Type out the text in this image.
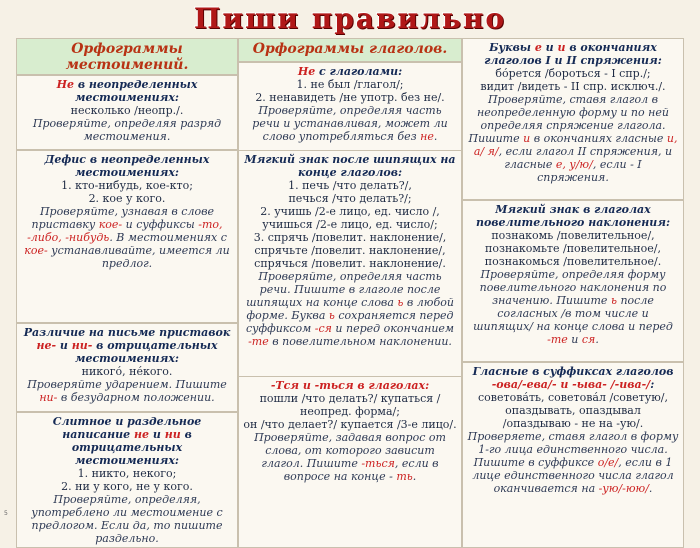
Пиши правильно
Орфограммы местоимений.
Не в неопределенных местоимениях:
несколько /неопр./.
Проверяйте, определяя разряд местоимения.
Дефис в неопределенных местоимениях:
1. кто-нибудь, кое-кто;
2. кое у кого.
Проверяйте, узнавая в слове приставку кое- и суффиксы -то, -либо, -нибудь. В местоимениях с кое- устанавливайте, имеется ли предлог.
Различие на письме приставок не- и ни- в отрицательных местоимениях:
никого́, не́кого.
Проверяйте ударением. Пишите ни- в безударном положении.
Слитное и раздельное написание не и ни в отрицательных местоимениях:
1. никто, некого;
2. ни у кого, не у кого.
Проверяйте, определяя, употреблено ли местоимение с предлогом. Если да, то пишите раздельно.
Орфограммы глаголов.
Не с глаголами:
1. не был /глагол/;
2. ненавидеть /не употр. без не/.
Проверяйте, определяя часть речи и устанавливая, может ли слово употребляться без не.
Мягкий знак после шипящих на конце глаголов:
1. печь /что делать?/,
печься /что делать?/;
2. учишь /2-е лицо, ед. число /,
учишься /2-е лицо, ед. число/;
3. спрячь /повелит. наклонение/,
спрячьте /повелит. наклонение/,
спрячься /повелит. наклонение/.
Проверяйте, определяя часть речи. Пишите в глаголе после шипящих на конце слова ь в любой форме. Буква ь сохраняется перед суффиксом -ся и перед окончанием -те в повелительном наклонении.
-Тся и -ться в глаголах:
пошли /что делать?/ купаться /неопред. форма/;
он /что делает?/ купается /3-е лицо/.
Проверяйте, задавая вопрос от слова, от которого зависит глагол. Пишите -ться, если в вопросе на конце - ть.
Буквы е и и в окончаниях глаголов I и II спряжения:
бо́рется /бороться - I спр./;
видит /видеть - II спр. исключ./.
Проверяйте, ставя глагол в неопределенную форму и по ней определяя спряжение глагола. Пишите и в окончаниях гласные и, а/ я/, если глагол II спряжения, и гласные е, у/ю/, если - I спряжения.
Мягкий знак в глаголах повелительного наклонения:
познакомь /повелительное/,
познакомьте /повелительное/,
познакомься /повелительное/.
Проверяйте, определяя форму повелительного наклонения по значению. Пишите ь после согласных /в том числе и шипящих/ на конце слова и перед -те и ся.
Гласные в суффиксах глаголов -ова/-ева/- и -ыва- /-ива-/:
советова́ть, советова́л /советую/,
опаздывать, опаздывал
/опаздываю - не на -ую/.
Проверяете, ставя глагол в форму 1-го лица единственного числа. Пишите в суффиксе о/е/, если в 1 лице единственного числа глагол оканчивается на -ую/-юю/.
5
